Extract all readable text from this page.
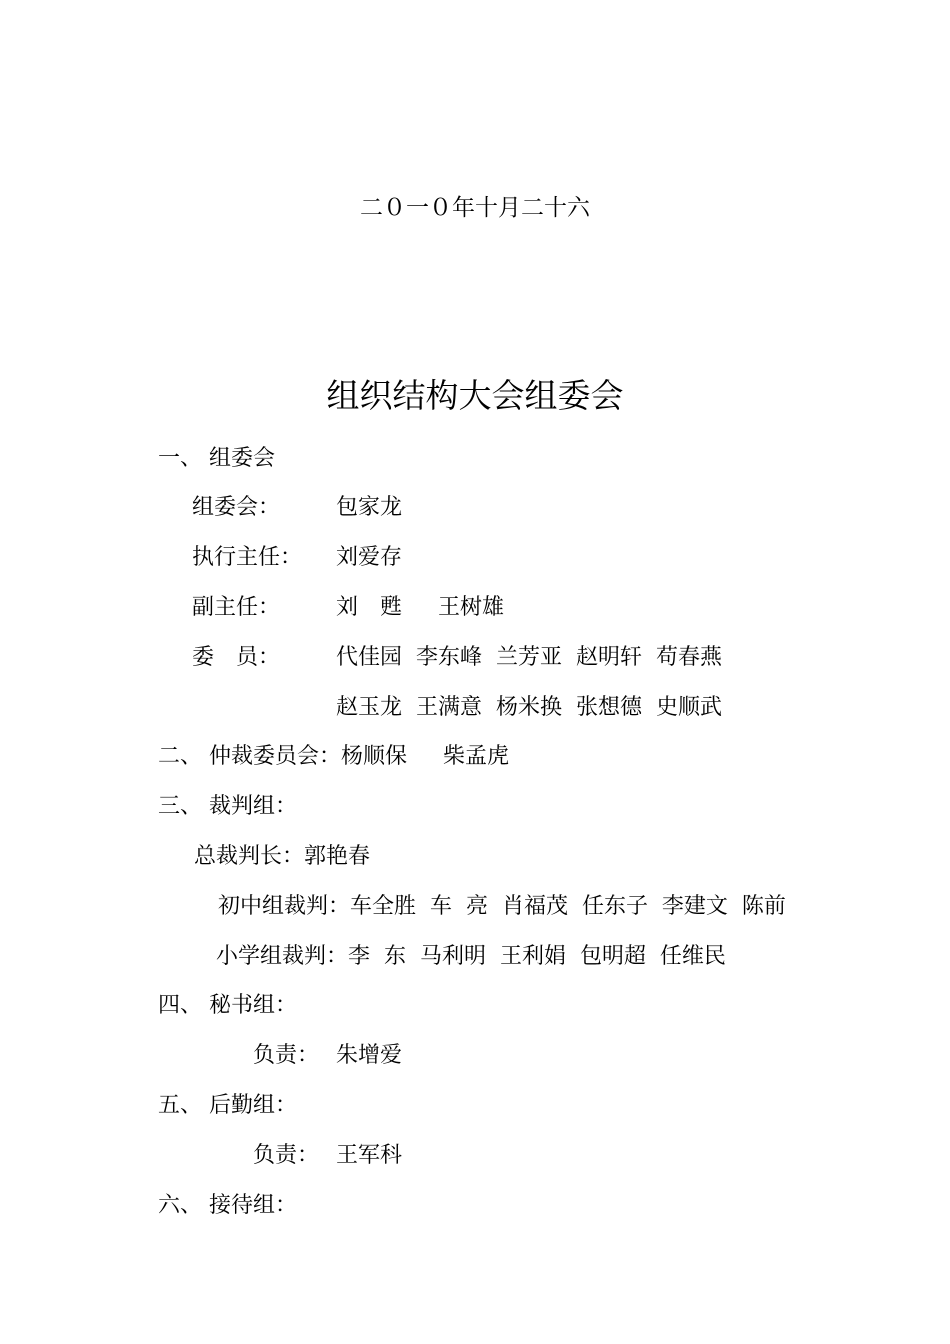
二０一０年十月二十六
组织结构大会组委会
一、 组委会
组委会：	包家龙
执行主任： 刘爱存
副主任：	刘　甦　  王树雄
委　员：	代佳园  李东峰  兰芳亚  赵明轩  苟春燕
赵玉龙  王满意  杨米换  张想德  史顺武
二、 仲裁委员会：杨顺保　  柴孟虎
三、 裁判组：
总裁判长：郭艳春
初中组裁判：车全胜  车  亮  肖福茂  任东子  李建文  陈前
小学组裁判：李  东  马利明  王利娟  包明超  任维民
四、 秘书组：
负责： 朱增爱
五、 后勤组：
负责： 王军科
六、 接待组：
